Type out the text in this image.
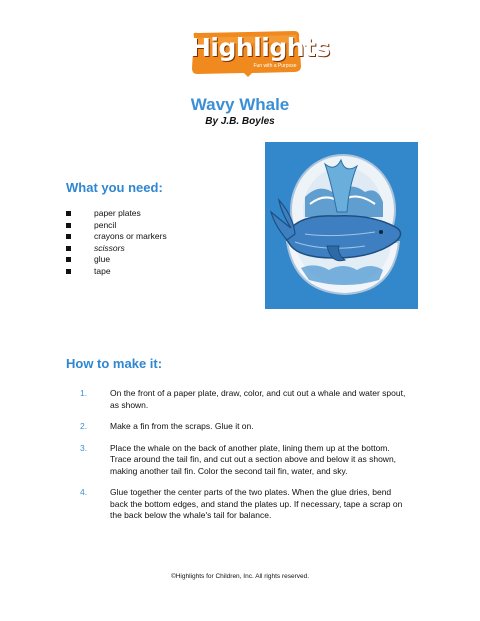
Highlights
Fun with a Purpose
Wavy Whale
By J.B. Boyles
What you need:
paper plates
pencil
crayons or markers
scissors
glue
tape
How to make it:
1.	On the front of a paper plate, draw, color, and cut out a whale and water spout, as shown.
2.	Make a fin from the scraps. Glue it on.
3.	Place the whale on the back of another plate, lining them up at the bottom. Trace around the tail fin, and cut out a section above and below it as shown, making another tail fin. Color the second tail fin, water, and sky.
4.	Glue together the center parts of the two plates. When the glue dries, bend back the bottom edges, and stand the plates up. If necessary, tape a scrap on the back below the whale's tail for balance.
©Highlights for Children, Inc. All rights reserved.
